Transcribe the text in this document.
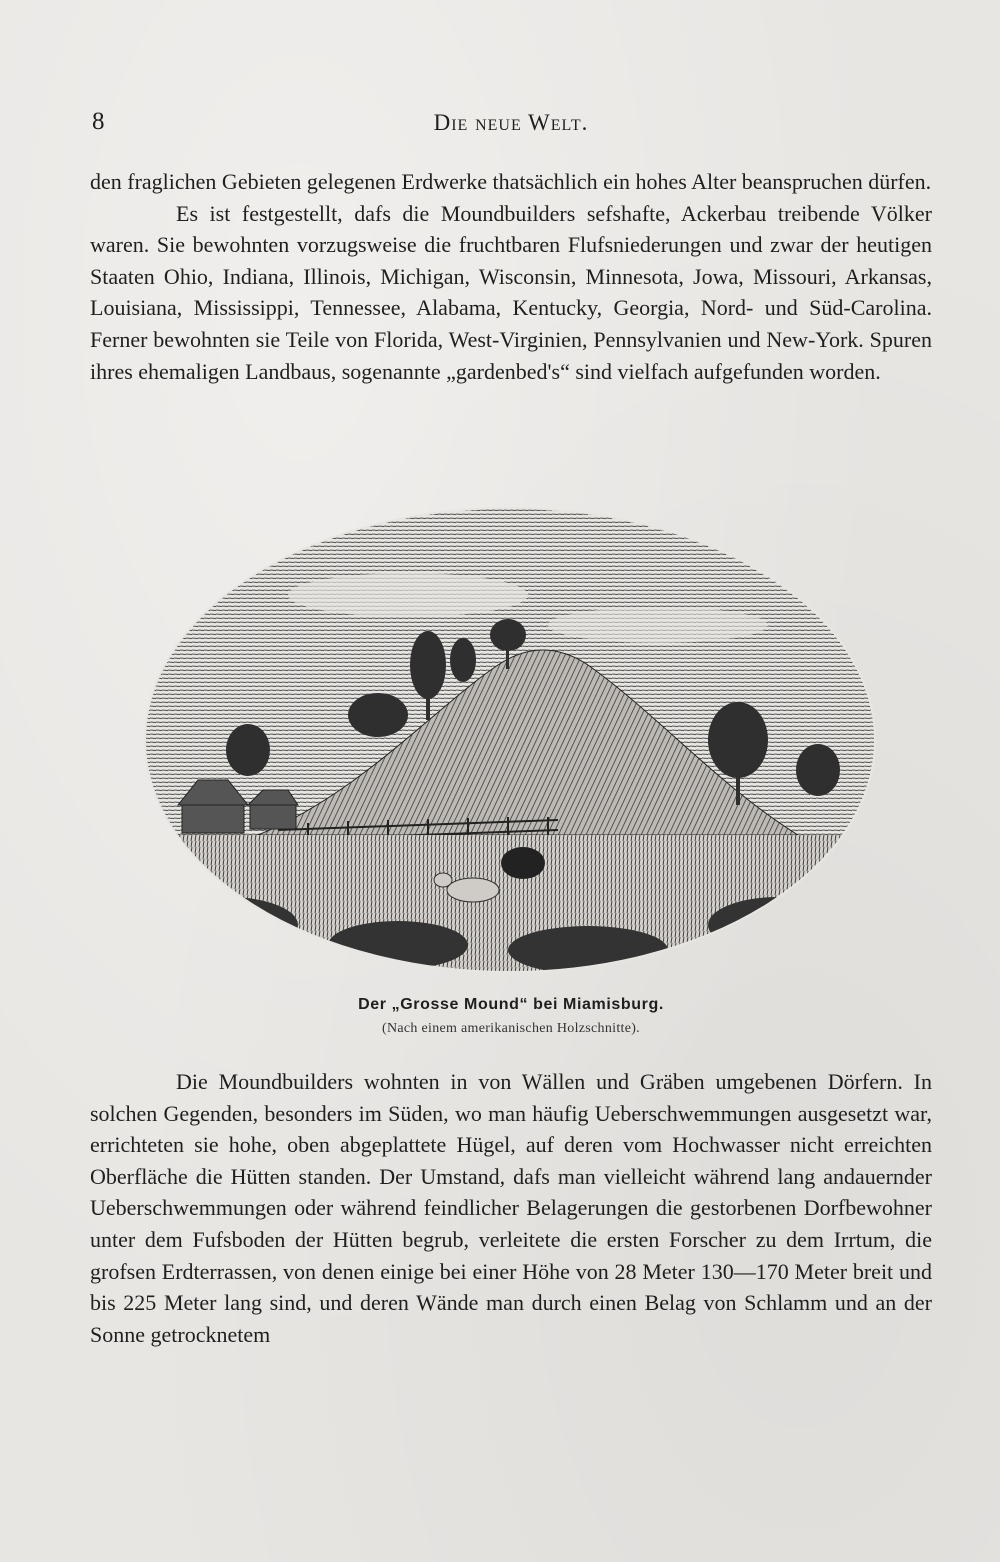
8	Die neue Welt.

den fraglichen Gebieten gelegenen Erdwerke thatsächlich ein hohes Alter beanspruchen dürfen.

Es ist festgestellt, dafs die Moundbuilders sefshafte, Ackerbau treibende Völker waren. Sie bewohnten vorzugsweise die fruchtbaren Flufsniederungen und zwar der heutigen Staaten Ohio, Indiana, Illinois, Michigan, Wisconsin, Minnesota, Jowa, Missouri, Arkansas, Louisiana, Mississippi, Tennessee, Alabama, Kentucky, Georgia, Nord- und Süd-Carolina. Ferner bewohnten sie Teile von Florida, West-Virginien, Pennsylvanien und New-York. Spuren ihres ehemaligen Landbaus, sogenannte „gardenbed's“ sind vielfach aufgefunden worden.

Der „Grosse Mound“ bei Miamisburg.
(Nach einem amerikanischen Holzschnitte).

Die Moundbuilders wohnten in von Wällen und Gräben umgebenen Dörfern. In solchen Gegenden, besonders im Süden, wo man häufig Ueberschwemmungen ausgesetzt war, errichteten sie hohe, oben abgeplattete Hügel, auf deren vom Hochwasser nicht erreichten Oberfläche die Hütten standen. Der Umstand, dafs man vielleicht während lang andauernder Ueberschwemmungen oder während feindlicher Belagerungen die gestorbenen Dorfbewohner unter dem Fufsboden der Hütten begrub, verleitete die ersten Forscher zu dem Irrtum, die grofsen Erdterrassen, von denen einige bei einer Höhe von 28 Meter 130—170 Meter breit und bis 225 Meter lang sind, und deren Wände man durch einen Belag von Schlamm und an der Sonne getrocknetem
